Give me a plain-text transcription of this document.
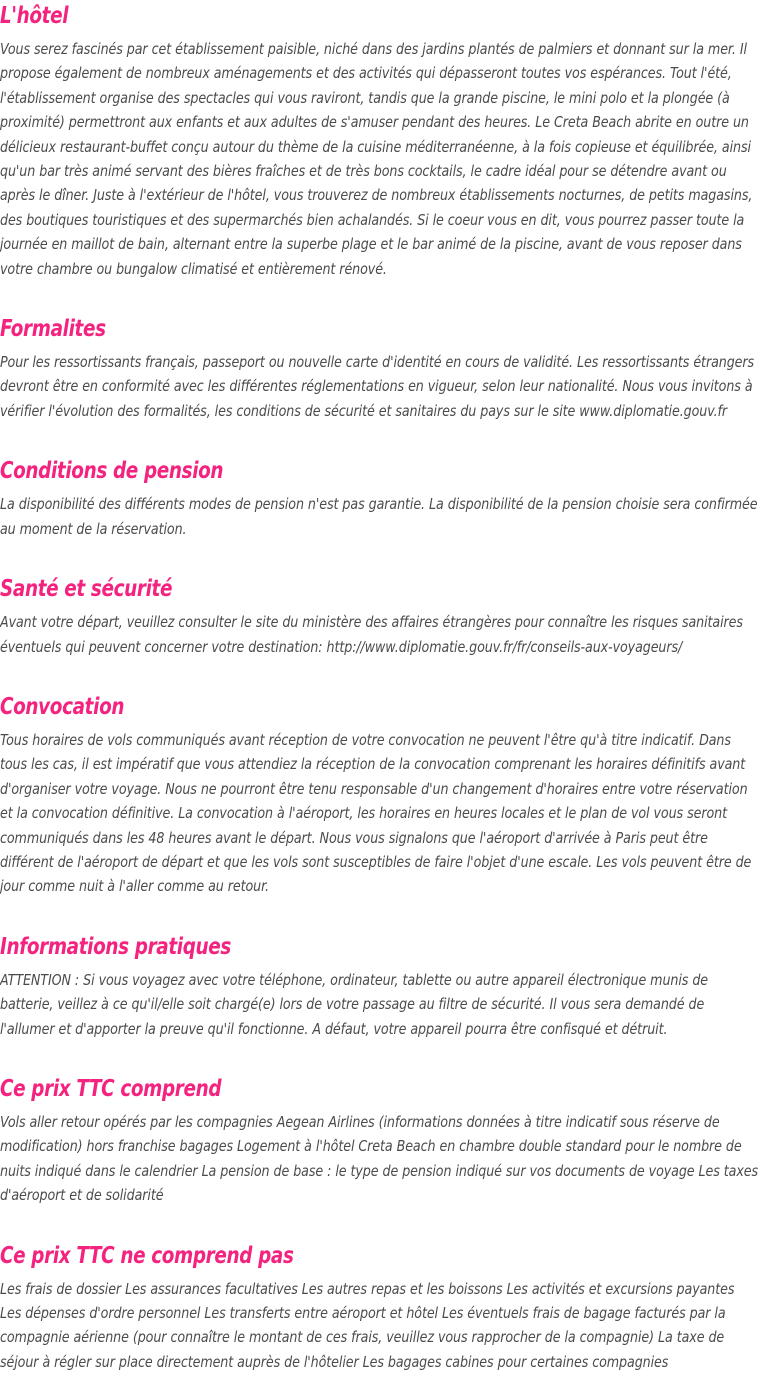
L'hôtel

Vous serez fascinés par cet établissement paisible, niché dans des jardins plantés de palmiers et donnant sur la mer. Il propose également de nombreux aménagements et des activités qui dépasseront toutes vos espérances. Tout l'été, l'établissement organise des spectacles qui vous raviront, tandis que la grande piscine, le mini polo et la plongée (à proximité) permettront aux enfants et aux adultes de s'amuser pendant des heures. Le Creta Beach abrite en outre un délicieux restaurant-buffet conçu autour du thème de la cuisine méditerranéenne, à la fois copieuse et équilibrée, ainsi qu'un bar très animé servant des bières fraîches et de très bons cocktails, le cadre idéal pour se détendre avant ou après le dîner. Juste à l'extérieur de l'hôtel, vous trouverez de nombreux établissements nocturnes, de petits magasins, des boutiques touristiques et des supermarchés bien achalandés. Si le coeur vous en dit, vous pourrez passer toute la journée en maillot de bain, alternant entre la superbe plage et le bar animé de la piscine, avant de vous reposer dans votre chambre ou bungalow climatisé et entièrement rénové.

Formalites

Pour les ressortissants français, passeport ou nouvelle carte d'identité en cours de validité. Les ressortissants étrangers devront être en conformité avec les différentes réglementations en vigueur, selon leur nationalité. Nous vous invitons à vérifier l'évolution des formalités, les conditions de sécurité et sanitaires du pays sur le site www.diplomatie.gouv.fr

Conditions de pension

La disponibilité des différents modes de pension n'est pas garantie. La disponibilité de la pension choisie sera confirmée au moment de la réservation.

Santé et sécurité

Avant votre départ, veuillez consulter le site du ministère des affaires étrangères pour connaître les risques sanitaires éventuels qui peuvent concerner votre destination: http://www.diplomatie.gouv.fr/fr/conseils-aux-voyageurs/

Convocation

Tous horaires de vols communiqués avant réception de votre convocation ne peuvent l'être qu'à titre indicatif. Dans tous les cas, il est impératif que vous attendiez la réception de la convocation comprenant les horaires définitifs avant d'organiser votre voyage. Nous ne pourront être tenu responsable d'un changement d'horaires entre votre réservation et la convocation définitive. La convocation à l'aéroport, les horaires en heures locales et le plan de vol vous seront communiqués dans les 48 heures avant le départ. Nous vous signalons que l'aéroport d'arrivée à Paris peut être différent de l'aéroport de départ et que les vols sont susceptibles de faire l'objet d'une escale. Les vols peuvent être de jour comme nuit à l'aller comme au retour.

Informations pratiques

ATTENTION : Si vous voyagez avec votre téléphone, ordinateur, tablette ou autre appareil électronique munis de batterie, veillez à ce qu'il/elle soit chargé(e) lors de votre passage au filtre de sécurité. Il vous sera demandé de l'allumer et d'apporter la preuve qu'il fonctionne. A défaut, votre appareil pourra être confisqué et détruit.

Ce prix TTC comprend

Vols aller retour opérés par les compagnies Aegean Airlines (informations données à titre indicatif sous réserve de modification) hors franchise bagages Logement à l'hôtel Creta Beach en chambre double standard pour le nombre de nuits indiqué dans le calendrier La pension de base : le type de pension indiqué sur vos documents de voyage Les taxes d'aéroport et de solidarité

Ce prix TTC ne comprend pas

Les frais de dossier Les assurances facultatives Les autres repas et les boissons Les activités et excursions payantes Les dépenses d'ordre personnel Les transferts entre aéroport et hôtel Les éventuels frais de bagage facturés par la compagnie aérienne (pour connaître le montant de ces frais, veuillez vous rapprocher de la compagnie) La taxe de séjour à régler sur place directement auprès de l'hôtelier Les bagages cabines pour certaines compagnies
